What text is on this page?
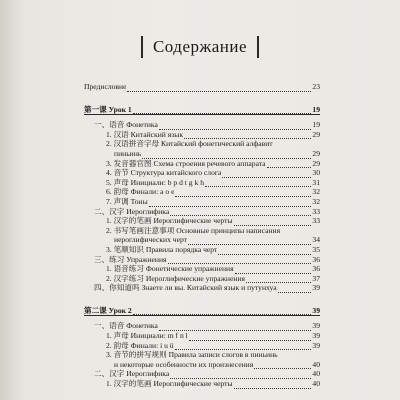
Содержание
Предисловие	23
第一课 Урок 1	19
一、语音 Фонетика	19
1. 汉语 Китайский язык	29
2. 汉语拼音字母 Китайский фонетический алфавит
пиньинь	29
3. 发音器官图 Схема строения речевого аппарата	29
4. 音节 Структура китайского слога	30
5. 声母 Инициали: b p d t g k h	31
6. 韵母 Финали: a o e	32
7. 声调 Тоны	32
二、汉字 Иероглифика	33
1. 汉字的笔画 Иероглифические черты	33
2. 书写笔画注意事项 Основные принципы написания
иероглифических черт	34
3. 笔顺知识 Правила порядка черт	35
三、练习 Упражнения	36
1. 语音练习 Фонетические упражнения	36
2. 汉字练习 Иероглифические упражнения	37
四、你知道吗 Знаете ли вы. Китайский язык и путунхуа	39
第二课 Урок 2	39
一、语音 Фонетика	39
1. 声母 Инициали: m f n l	39
2. 韵母 Финали: i u ü	39
3. 音节的拼写规则 Правила записи слогов в пиньинь
и некоторые особенности их произнесения	40
二、汉字 Иероглифика	40
1. 汉字的笔画 Иероглифические черты	40
